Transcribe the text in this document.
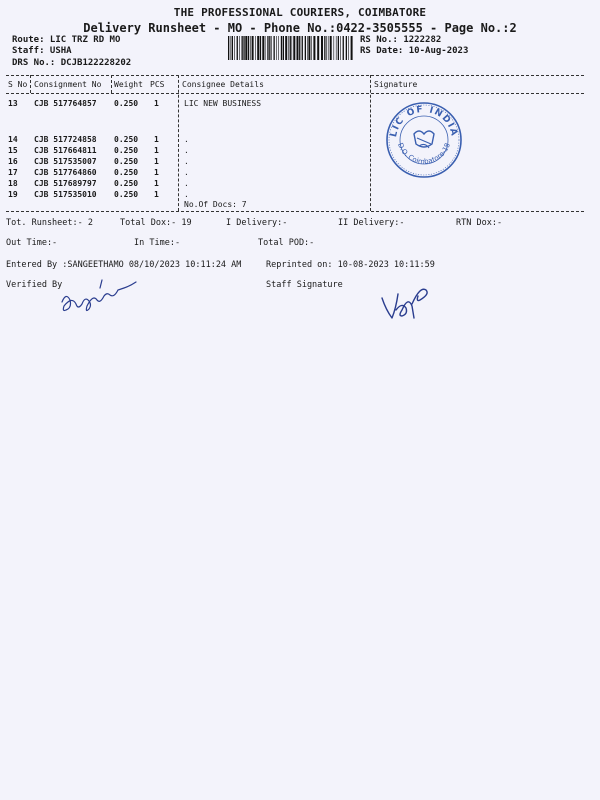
THE PROFESSIONAL COURIERS, COIMBATORE
Delivery Runsheet - MO - Phone No.:0422-3505555 - Page No.:2
Route: LIC TRZ RD MO
Staff: USHA
DRS No.: DCJB122228202
RS No.: 1222282
RS Date: 10-Aug-2023
S No Consignment No Weight PCS Consignee Details	Signature
13 CJB 517764857 0.250 1	LIC NEW BUSINESS
14 CJB 517724858 0.250 1	.
15 CJB 517664811 0.250 1	.
16 CJB 517535007 0.250 1	.
17 CJB 517764860 0.250 1	.
18 CJB 517689797 0.250 1	.
19 CJB 517535010 0.250 1	.
No.Of Docs: 7
LIC OF INDIA
D.O. Coimbatore-18
Tot. Runsheet:- 2	Total Dox:- 19	I Delivery:-	II Delivery:-	RTN Dox:-
Out Time:-	In Time:-	Total POD:-
Entered By :SANGEETHAMO 08/10/2023 10:11:24 AM	Reprinted on: 10-08-2023 10:11:59
Verified By	Staff Signature
